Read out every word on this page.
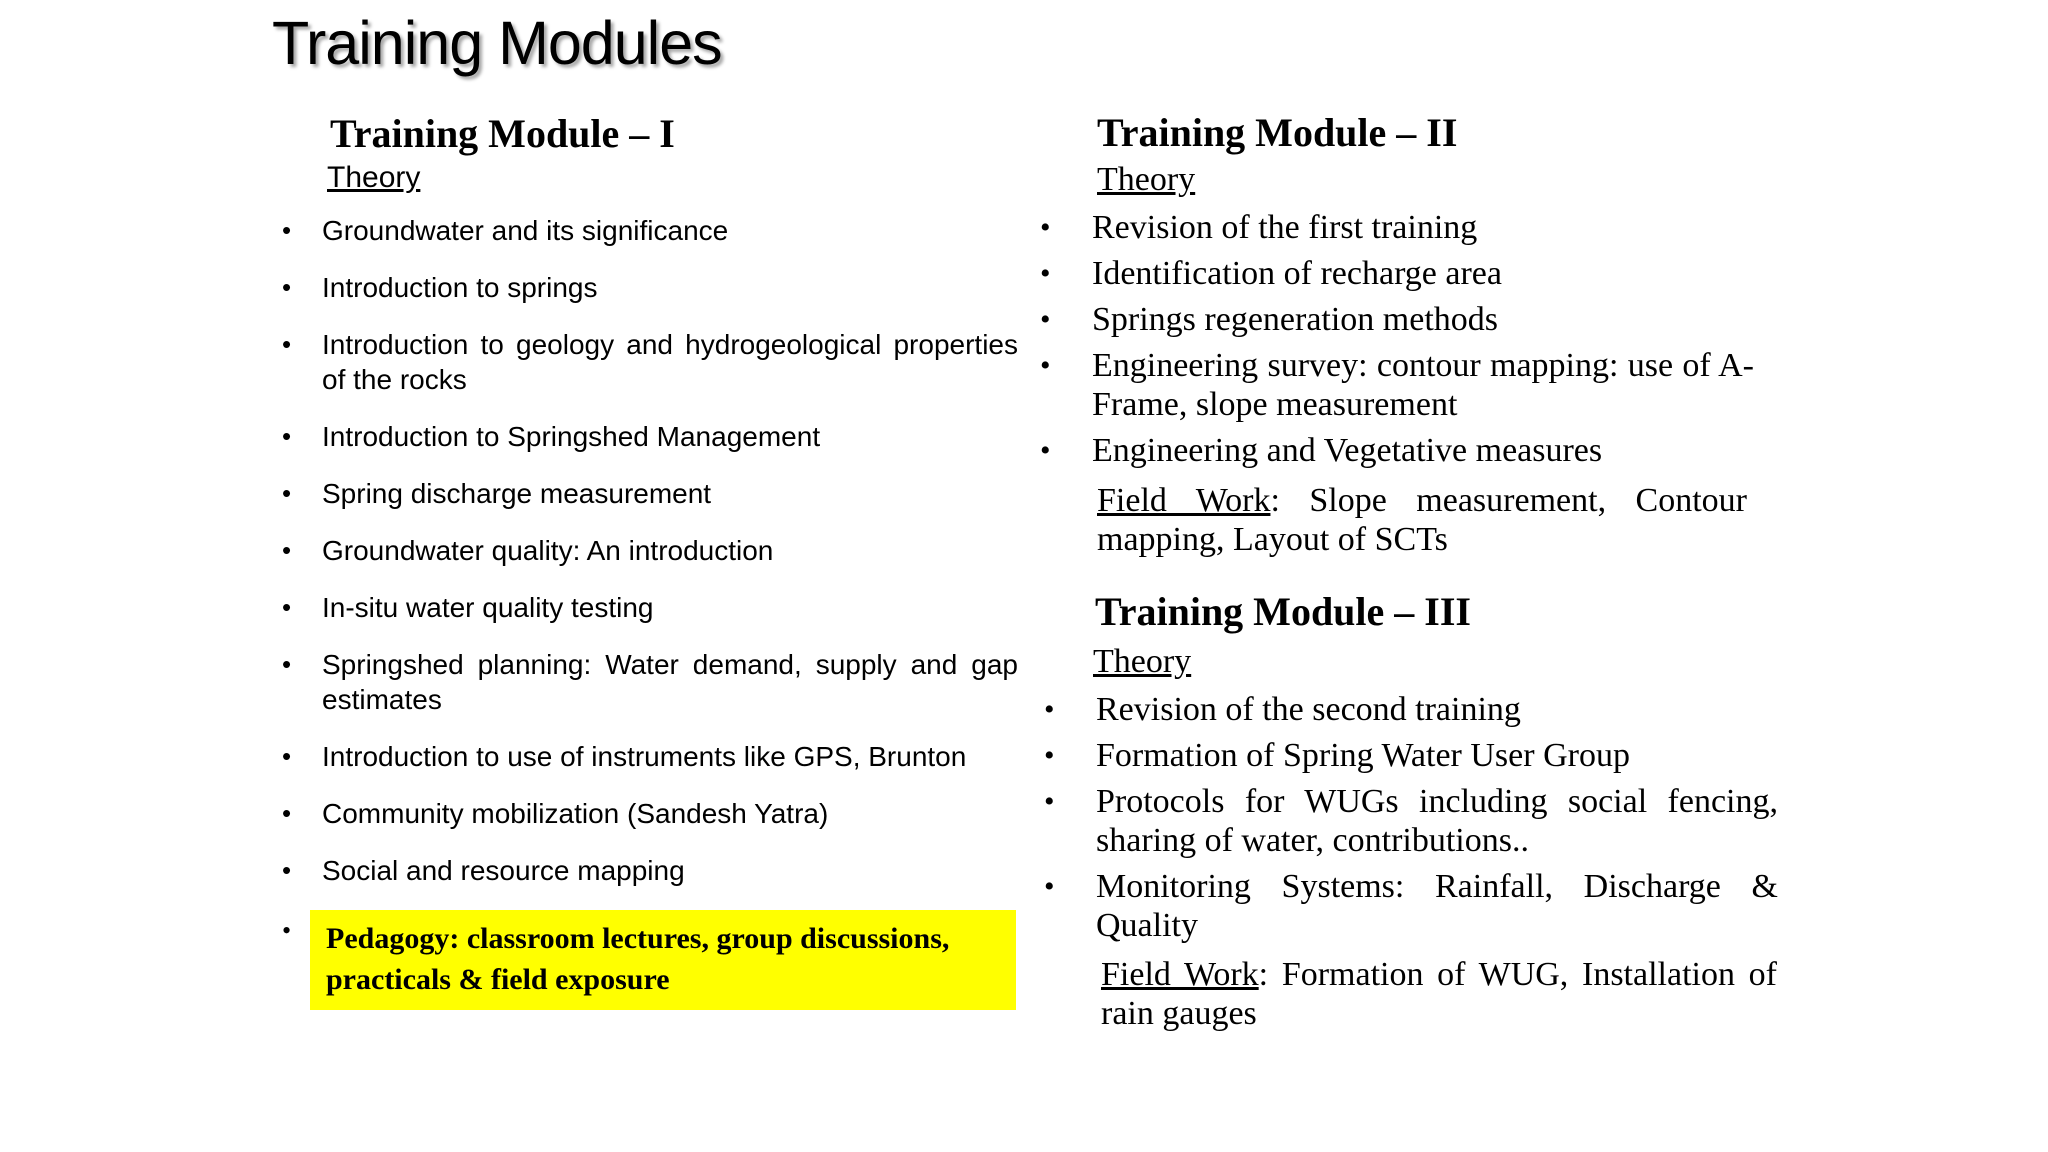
Training Modules
Training Module – I
Theory
• Groundwater and its significance
• Introduction to springs
• Introduction to geology and hydrogeological properties of the rocks
• Introduction to Springshed Management
• Spring discharge measurement
• Groundwater quality: An introduction
• In-situ water quality testing
• Springshed planning: Water demand, supply and gap estimates
• Introduction to use of instruments like GPS, Brunton
• Community mobilization (Sandesh Yatra)
• Social and resource mapping
• Pedagogy: classroom lectures, group discussions, practicals & field exposure
Training Module – II
Theory
• Revision of the first training
• Identification of recharge area
• Springs regeneration methods
• Engineering survey: contour mapping: use of A-Frame, slope measurement
• Engineering and Vegetative measures
Field Work: Slope measurement, Contour mapping, Layout of SCTs
Training Module – III
Theory
• Revision of the second training
• Formation of Spring Water User Group
• Protocols for WUGs including social fencing, sharing of water, contributions..
• Monitoring Systems: Rainfall, Discharge & Quality
Field Work: Formation of WUG, Installation of rain gauges
